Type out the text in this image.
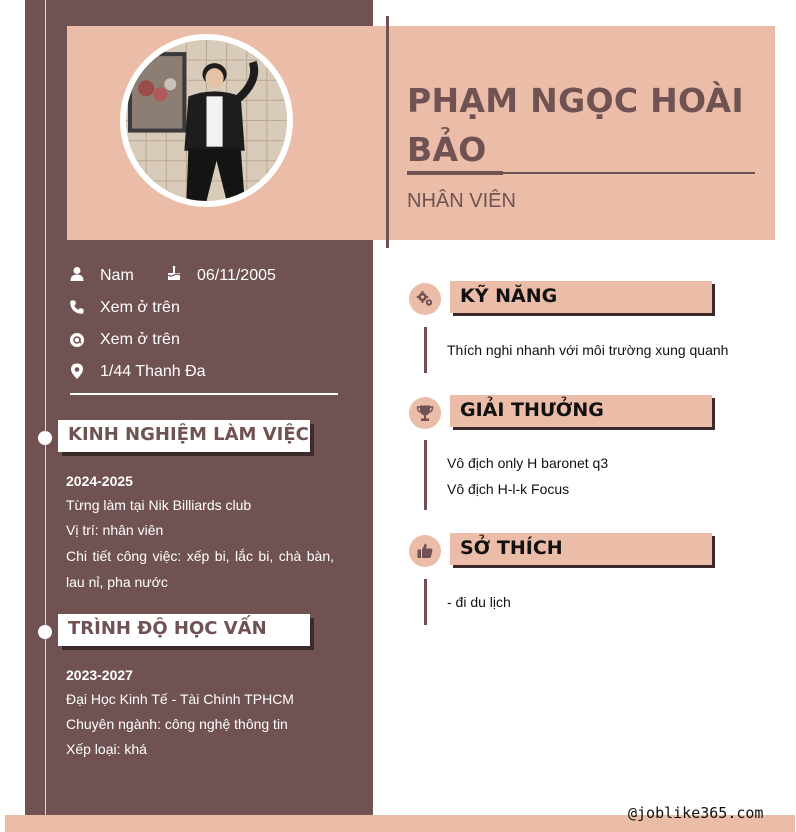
PHẠM NGỌC HOÀI BẢO
NHÂN VIÊN
Nam	06/11/2005
Xem ở trên
Xem ở trên
1/44 Thanh Đa
KINH NGHIỆM LÀM VIỆC
2024-2025
Từng làm tại Nik Billiards club
Vị trí: nhân viên
Chi tiết công việc: xếp bi, lắc bi, chà bàn, lau nỉ, pha nước
TRÌNH ĐỘ HỌC VẤN
2023-2027
Đại Học Kinh Tế - Tài Chính TPHCM
Chuyên ngành: công nghệ thông tin
Xếp loại: khá
KỸ NĂNG
Thích nghi nhanh với môi trường xung quanh
GIẢI THƯỞNG
Vô địch only H baronet q3
Vô địch H-l-k Focus
SỞ THÍCH
- đi du lịch
@joblike365.com
